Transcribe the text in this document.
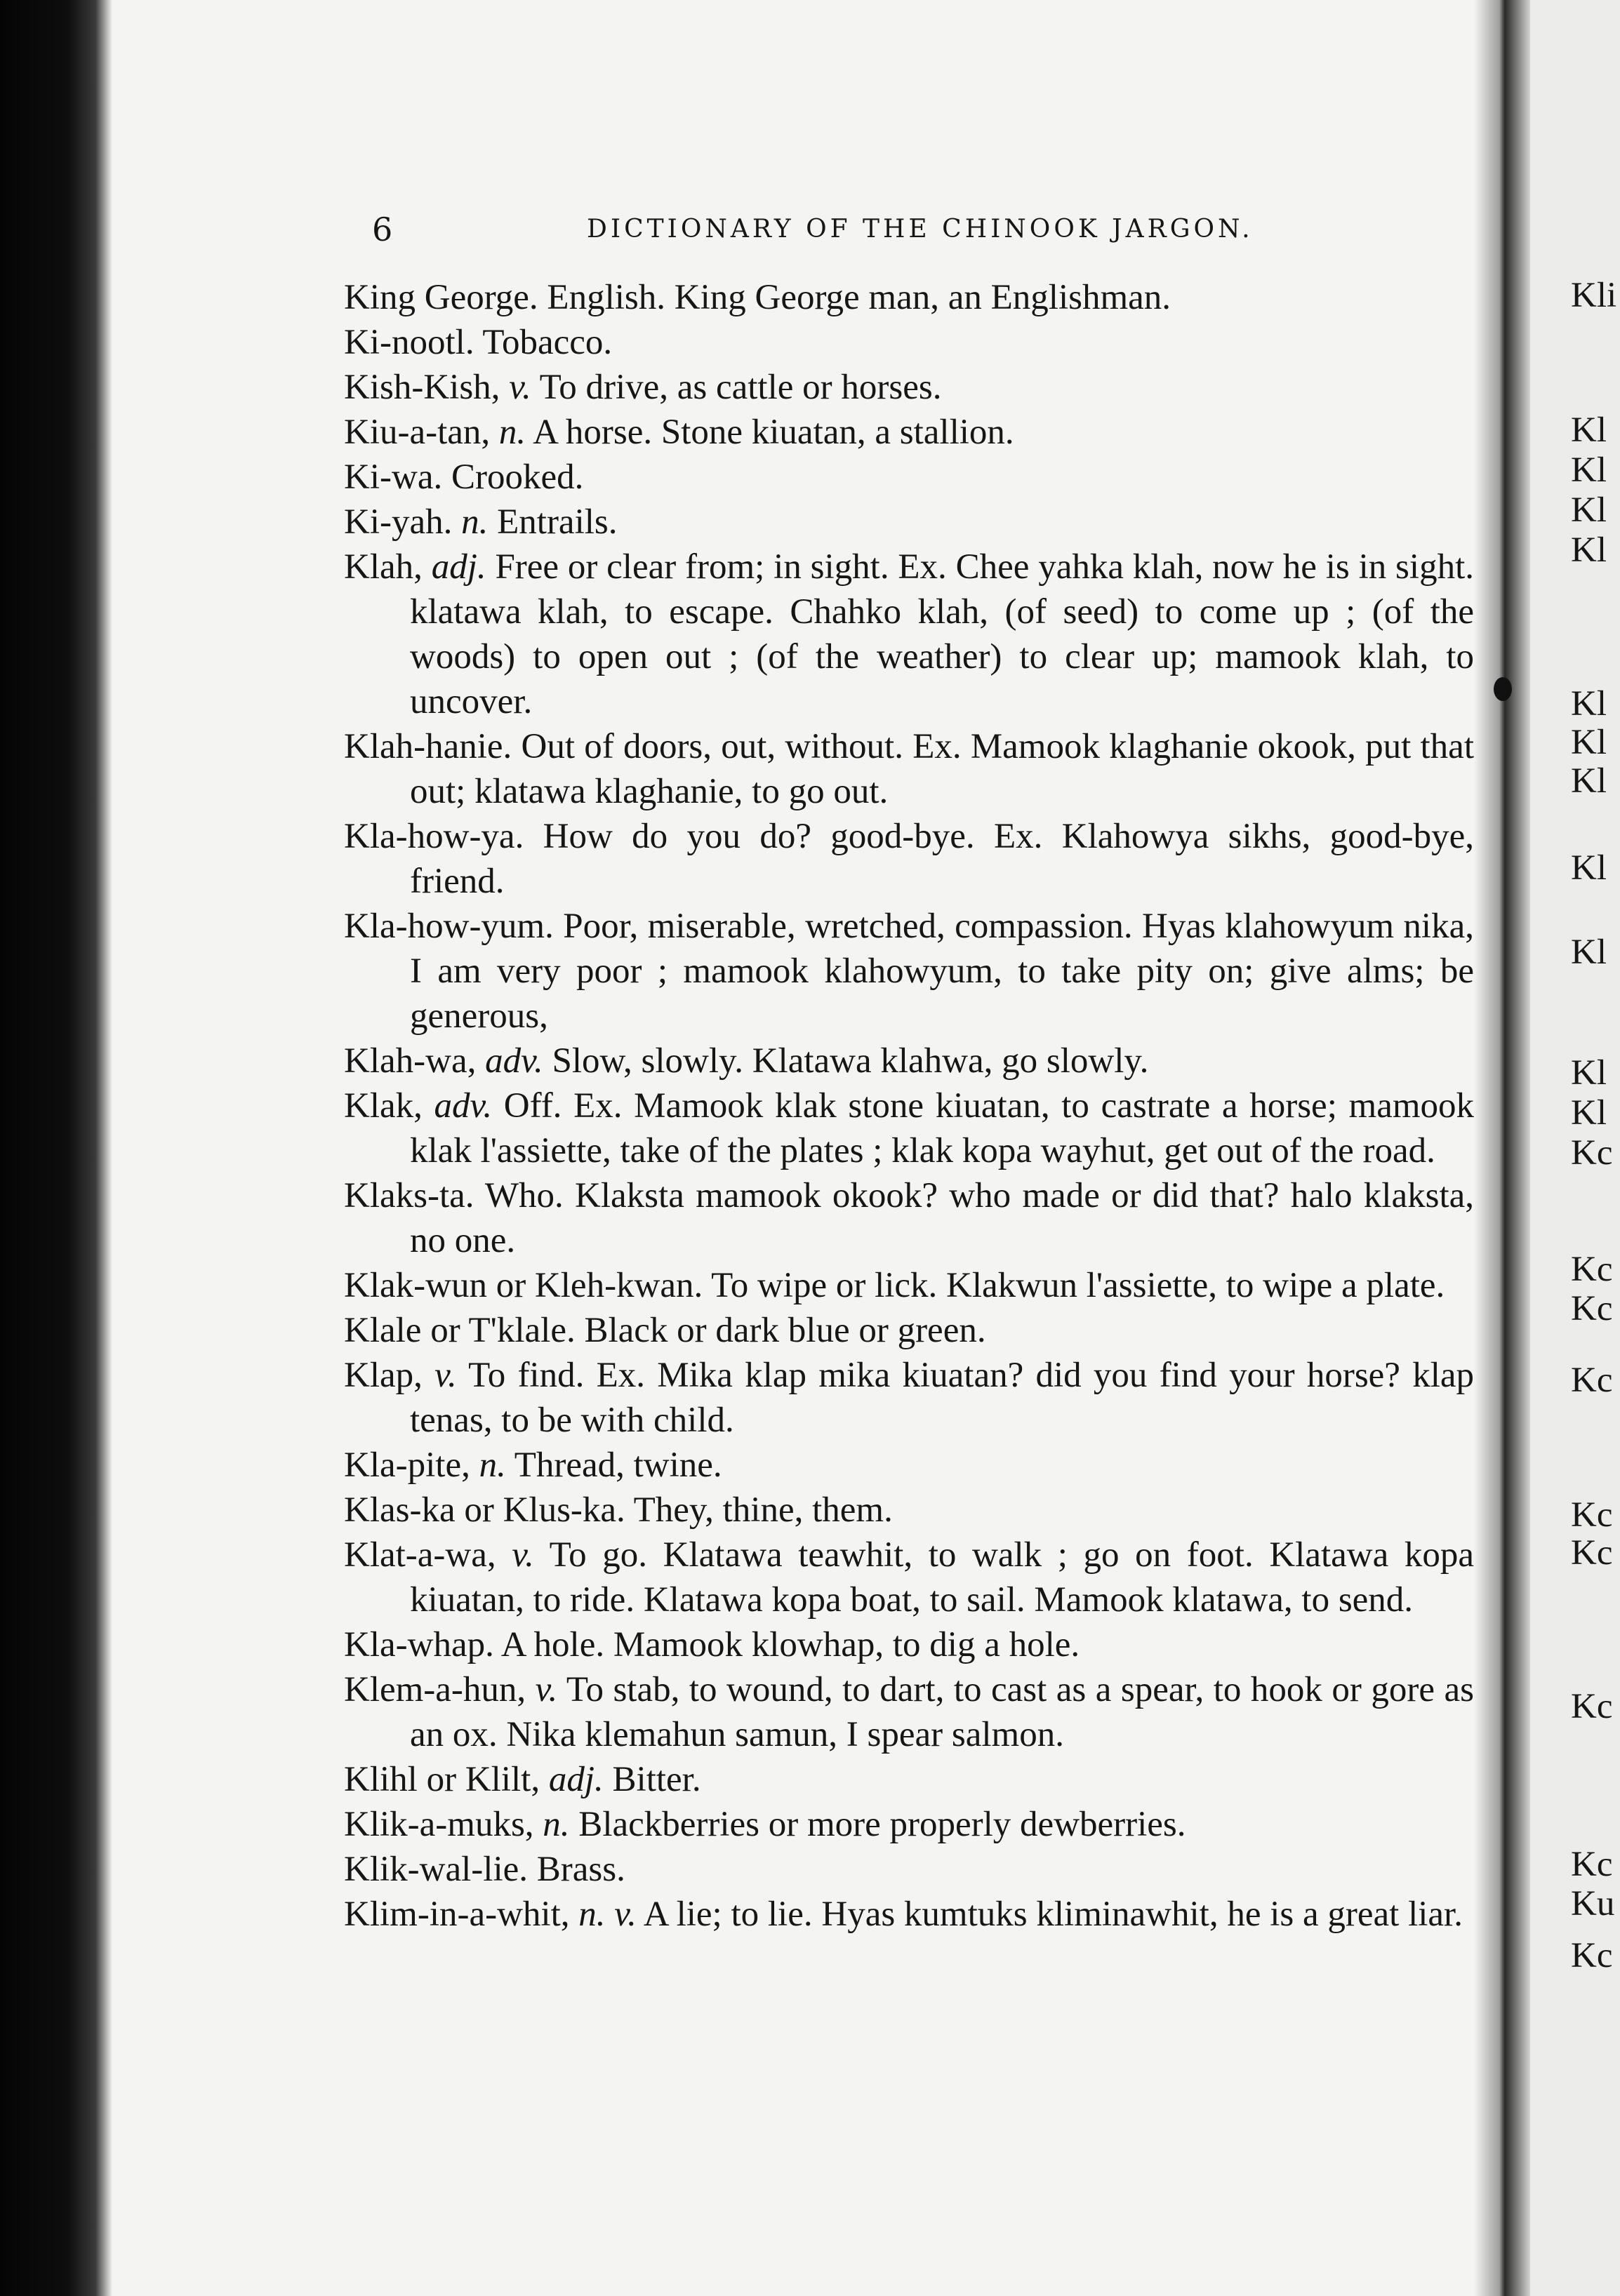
6	DICTIONARY OF THE CHINOOK JARGON.

King George. English. King George man, an Englishman.

Ki-nootl. Tobacco.

Kish-Kish, v. To drive, as cattle or horses.

Kiu-a-tan, n. A horse. Stone kiuatan, a stallion.

Ki-wa. Crooked.

Ki-yah. n. Entrails.

Klah, adj. Free or clear from; in sight. Ex. Chee yahka klah, now he is in sight. klatawa klah, to escape. Chahko klah, (of seed) to come up ; (of the woods) to open out ; (of the weather) to clear up; mamook klah, to uncover.

Klah-hanie. Out of doors, out, without. Ex. Mamook klaghanie okook, put that out; klatawa klaghanie, to go out.

Kla-how-ya. How do you do? good-bye. Ex. Klahowya sikhs, good-bye, friend.

Kla-how-yum. Poor, miserable, wretched, compassion. Hyas klahowyum nika, I am very poor ; mamook klahowyum, to take pity on; give alms; be generous,

Klah-wa, adv. Slow, slowly. Klatawa klahwa, go slowly.

Klak, adv. Off. Ex. Mamook klak stone kiuatan, to castrate a horse; mamook klak l'assiette, take of the plates ; klak kopa wayhut, get out of the road.

Klaks-ta. Who. Klaksta mamook okook? who made or did that? halo klaksta, no one.

Klak-wun or Kleh-kwan. To wipe or lick. Klakwun l'assiette, to wipe a plate.

Klale or T'klale. Black or dark blue or green.

Klap, v. To find. Ex. Mika klap mika kiuatan? did you find your horse? klap tenas, to be with child.

Kla-pite, n. Thread, twine.

Klas-ka or Klus-ka. They, thine, them.

Klat-a-wa, v. To go. Klatawa teawhit, to walk ; go on foot. Klatawa kopa kiuatan, to ride. Klatawa kopa boat, to sail. Mamook klatawa, to send.

Kla-whap. A hole. Mamook klowhap, to dig a hole.

Klem-a-hun, v. To stab, to wound, to dart, to cast as a spear, to hook or gore as an ox. Nika klemahun samun, I spear salmon.

Klihl or Klilt, adj. Bitter.

Klik-a-muks, n. Blackberries or more properly dewberries.

Klik-wal-lie. Brass.

Klim-in-a-whit, n. v. A lie; to lie. Hyas kumtuks kliminawhit, he is a great liar.

Kli
Kl
Kl
Kl
Kl
Kl
Kl
Kl
Kl
Kl
Kl
Kl
Kc
Kc
Kc
Kc
Kc
Kc
Kc
Kc
Kc
Ku
